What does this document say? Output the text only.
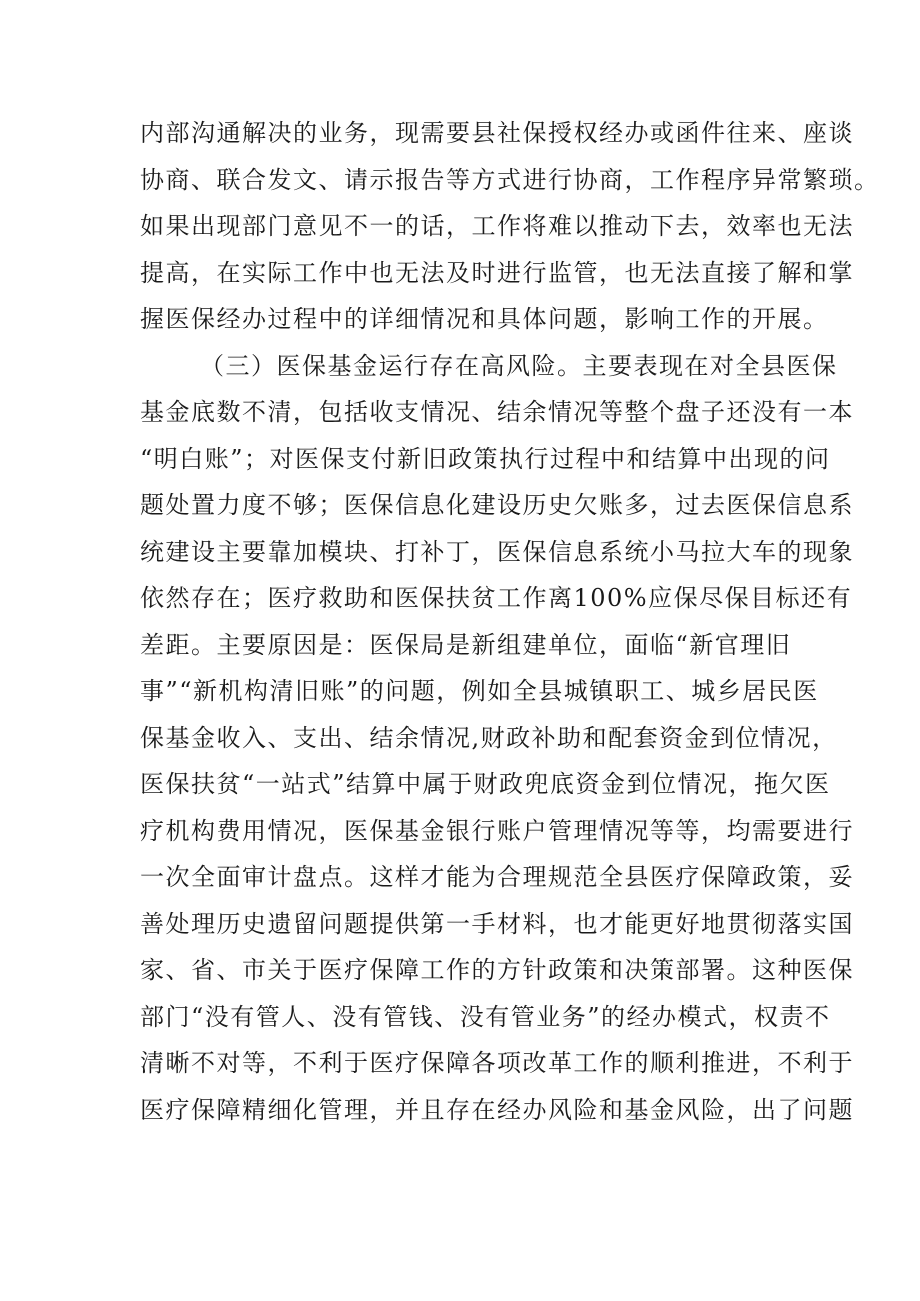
内部沟通解决的业务，现需要县社保授权经办或函件往来、座谈
协商、联合发文、请示报告等方式进行协商，工作程序异常繁琐。
如果出现部门意见不一的话，工作将难以推动下去，效率也无法
提高，在实际工作中也无法及时进行监管，也无法直接了解和掌
握医保经办过程中的详细情况和具体问题，影响工作的开展。
（三）医保基金运行存在高风险。主要表现在对全县医保
基金底数不清，包括收支情况、结余情况等整个盘子还没有一本
“明白账”；对医保支付新旧政策执行过程中和结算中出现的问
题处置力度不够；医保信息化建设历史欠账多，过去医保信息系
统建设主要靠加模块、打补丁，医保信息系统小马拉大车的现象
依然存在；医疗救助和医保扶贫工作离100%应保尽保目标还有
差距。主要原因是：医保局是新组建单位，面临“新官理旧
事”“新机构清旧账”的问题，例如全县城镇职工、城乡居民医
保基金收入、支出、结余情况,财政补助和配套资金到位情况，
医保扶贫“一站式”结算中属于财政兜底资金到位情况，拖欠医
疗机构费用情况，医保基金银行账户管理情况等等，均需要进行
一次全面审计盘点。这样才能为合理规范全县医疗保障政策，妥
善处理历史遗留问题提供第一手材料，也才能更好地贯彻落实国
家、省、市关于医疗保障工作的方针政策和决策部署。这种医保
部门“没有管人、没有管钱、没有管业务”的经办模式，权责不
清晰不对等，不利于医疗保障各项改革工作的顺利推进，不利于
医疗保障精细化管理，并且存在经办风险和基金风险，出了问题
